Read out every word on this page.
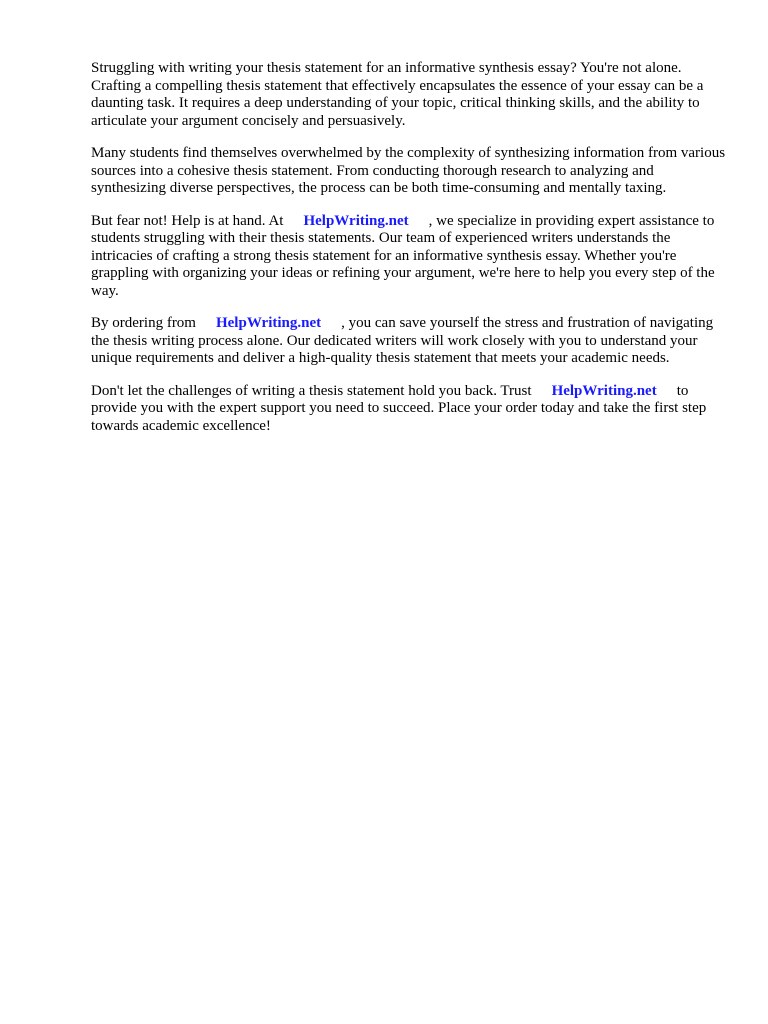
Struggling with writing your thesis statement for an informative synthesis essay? You're not alone. Crafting a compelling thesis statement that effectively encapsulates the essence of your essay can be a daunting task. It requires a deep understanding of your topic, critical thinking skills, and the ability to articulate your argument concisely and persuasively.

Many students find themselves overwhelmed by the complexity of synthesizing information from various sources into a cohesive thesis statement. From conducting thorough research to analyzing and synthesizing diverse perspectives, the process can be both time-consuming and mentally taxing.

But fear not! Help is at hand. At HelpWriting.net , we specialize in providing expert assistance to students struggling with their thesis statements. Our team of experienced writers understands the intricacies of crafting a strong thesis statement for an informative synthesis essay. Whether you're grappling with organizing your ideas or refining your argument, we're here to help you every step of the way.

By ordering from HelpWriting.net , you can save yourself the stress and frustration of navigating the thesis writing process alone. Our dedicated writers will work closely with you to understand your unique requirements and deliver a high-quality thesis statement that meets your academic needs.

Don't let the challenges of writing a thesis statement hold you back. Trust HelpWriting.net to provide you with the expert support you need to succeed. Place your order today and take the first step towards academic excellence!
